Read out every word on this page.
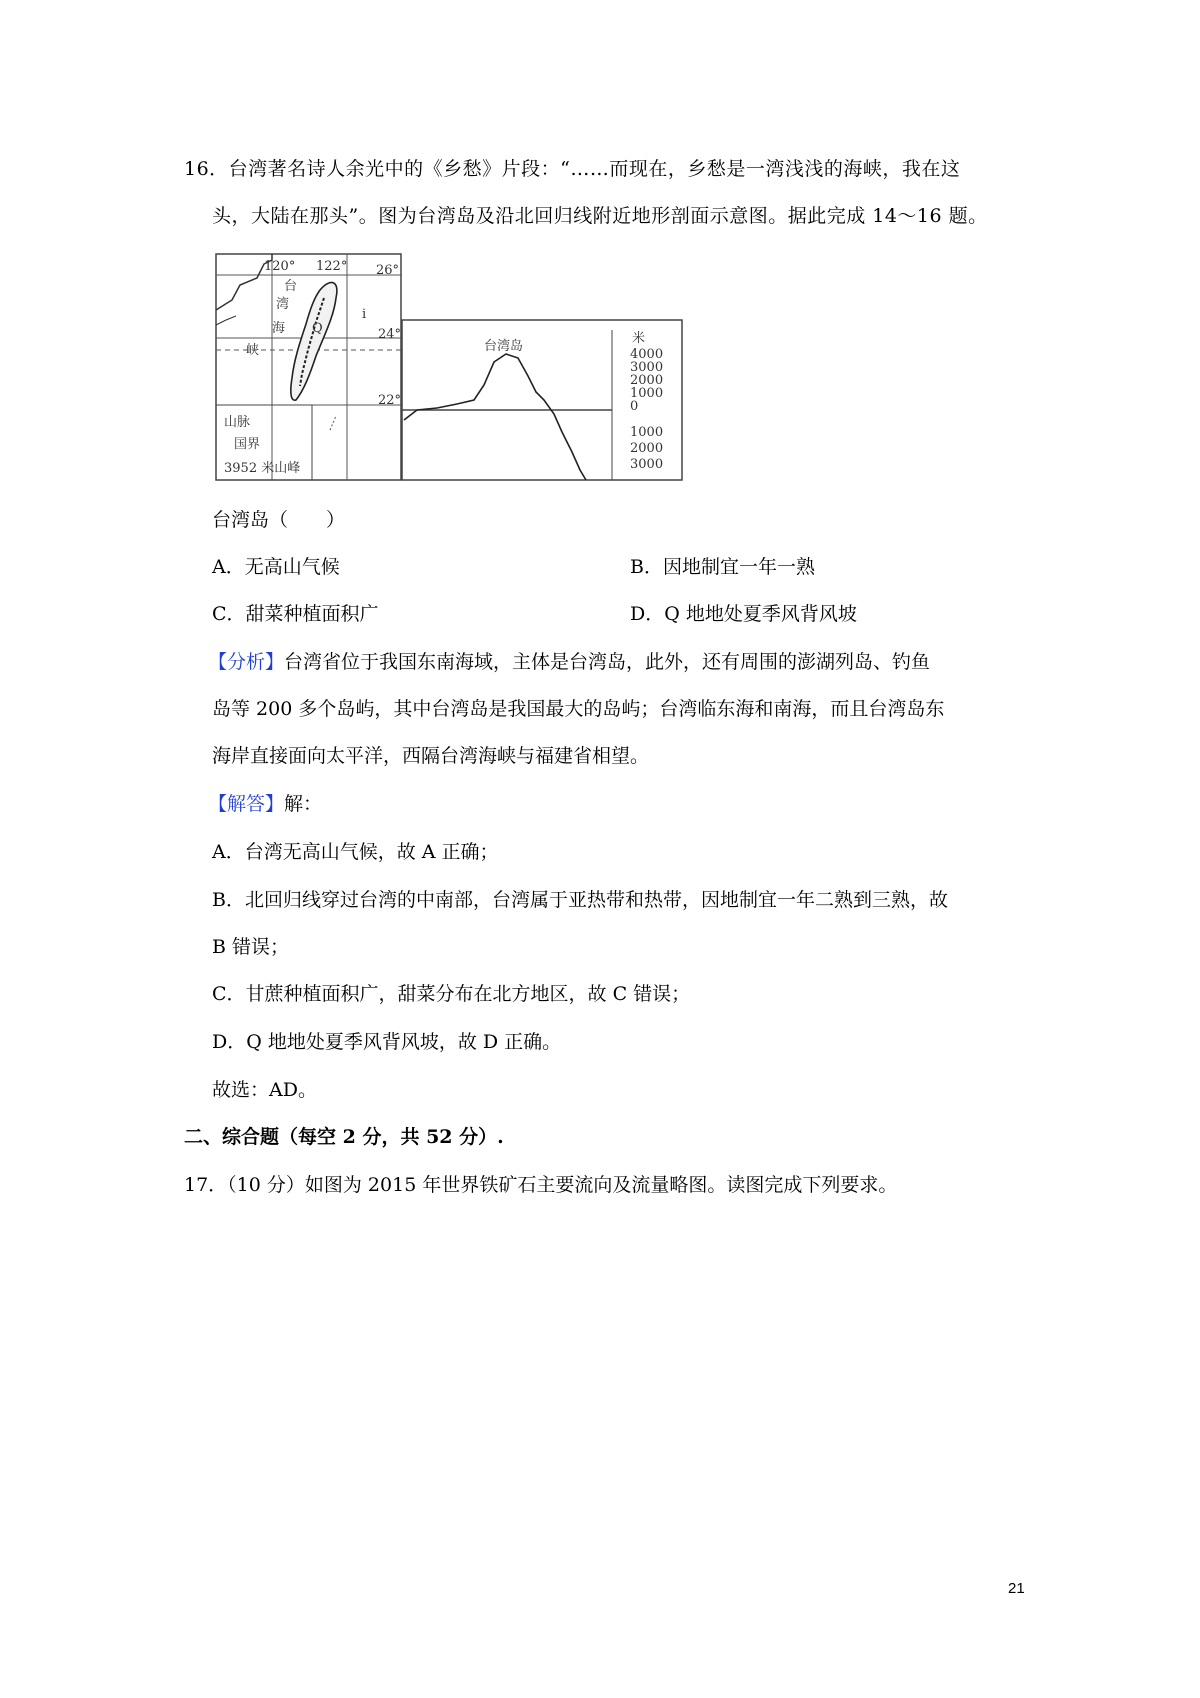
16．台湾著名诗人余光中的《乡愁》片段：“……而现在，乡愁是一湾浅浅的海峡，我在这
头，大陆在那头”。图为台湾岛及沿北回归线附近地形剖面示意图。据此完成 14～16 题。
120° 122° 26°
24°
22°
台
湾
海
峡
Q
i
山脉
国界
3952 米山峰
台湾岛
米
4000
3000
2000
1000
0
1000
2000
3000
台湾岛（　　）
A．无高山气候	B．因地制宜一年一熟
C．甜菜种植面积广	D．Q 地地处夏季风背风坡
【分析】台湾省位于我国东南海域，主体是台湾岛，此外，还有周围的澎湖列岛、钓鱼
岛等 200 多个岛屿，其中台湾岛是我国最大的岛屿；台湾临东海和南海，而且台湾岛东
海岸直接面向太平洋，西隔台湾海峡与福建省相望。
【解答】解：
A．台湾无高山气候，故 A 正确；
B．北回归线穿过台湾的中南部，台湾属于亚热带和热带，因地制宜一年二熟到三熟，故
B 错误；
C．甘蔗种植面积广，甜菜分布在北方地区，故 C 错误；
D．Q 地地处夏季风背风坡，故 D 正确。
故选：AD。
二、综合题（每空 2 分，共 52 分）.
17．（10 分）如图为 2015 年世界铁矿石主要流向及流量略图。读图完成下列要求。
21
